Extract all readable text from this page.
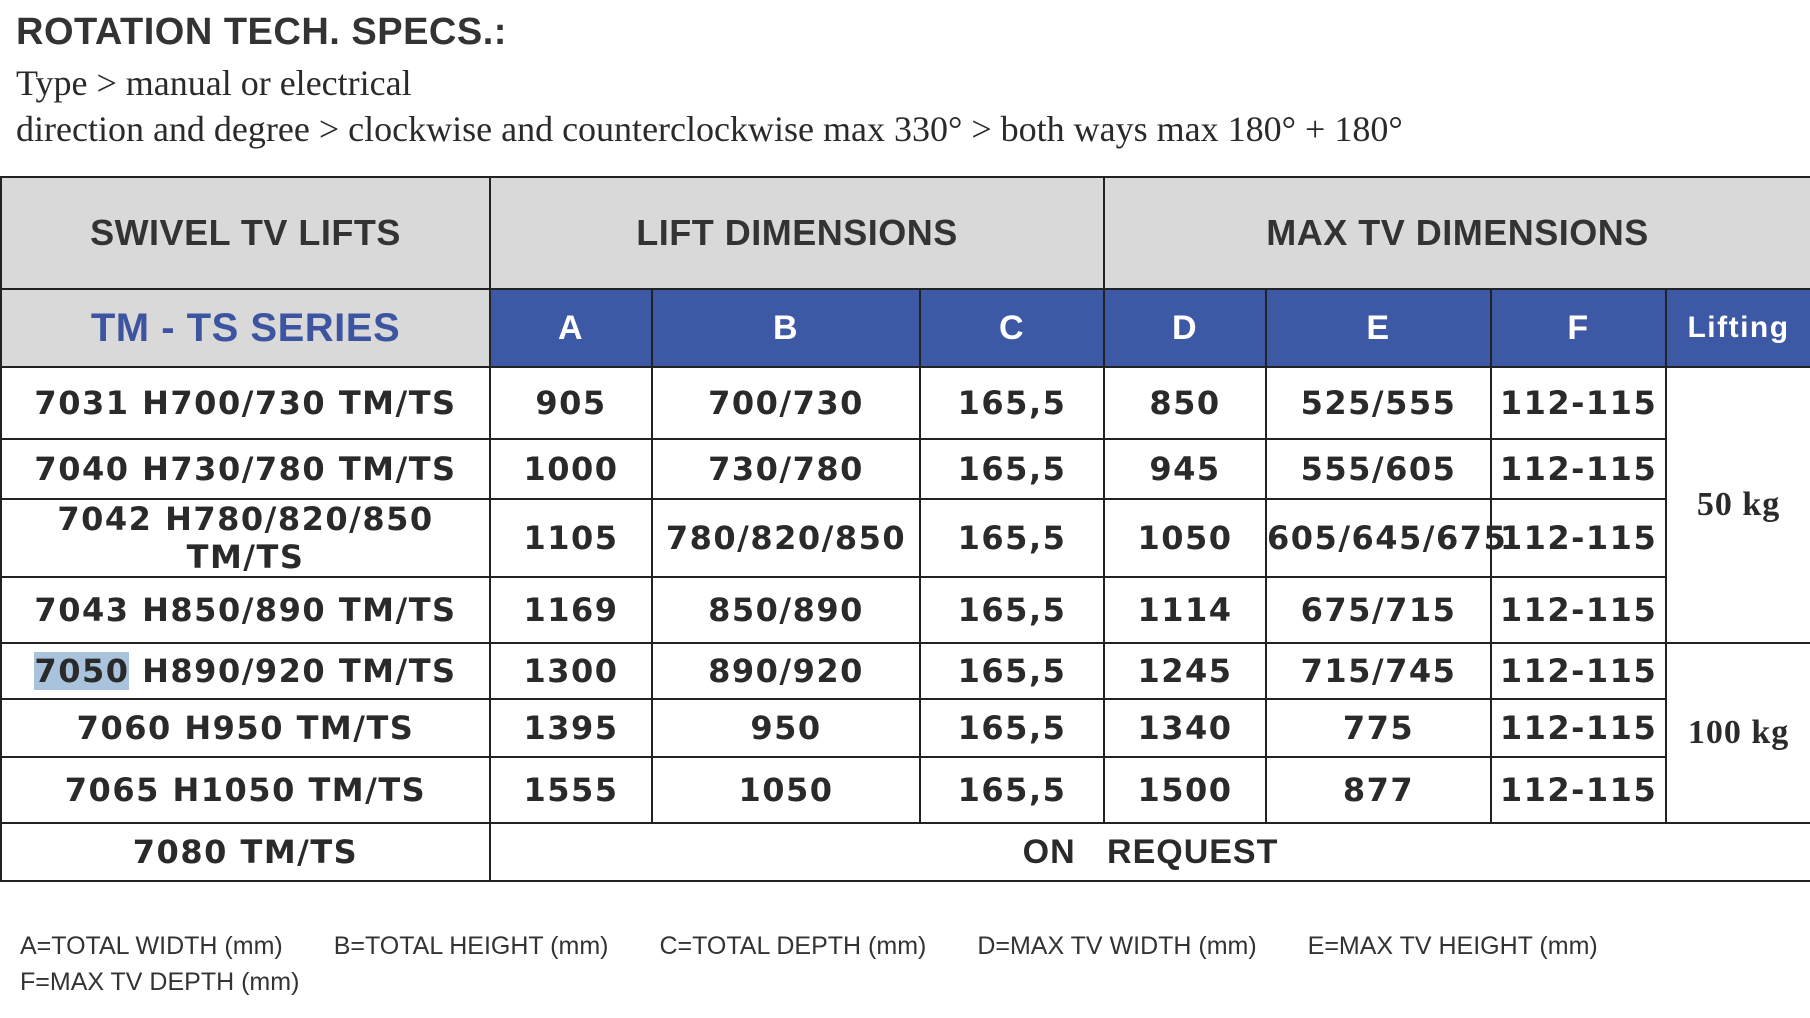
ROTATION TECH. SPECS.:
Type > manual or electrical
direction and degree > clockwise and counterclockwise max 330° > both ways max 180° + 180°
SWIVEL TV LIFTS	LIFT DIMENSIONS			MAX TV DIMENSIONS			
TM - TS SERIES	A	B	C	D	E	F	Lifting
7031 H700/730 TM/TS	905	700/730	165,5	850	525/555	112-115	50 kg
7040 H730/780 TM/TS	1000	730/780	165,5	945	555/605	112-115	
7042 H780/820/850 TM/TS	1105	780/820/850	165,5	1050	605/645/675	112-115	
7043 H850/890 TM/TS	1169	850/890	165,5	1114	675/715	112-115	
7050 H890/920 TM/TS	1300	890/920	165,5	1245	715/745	112-115	100 kg
7060 H950 TM/TS	1395	950	165,5	1340	775	112-115	
7065 H1050 TM/TS	1555	1050	165,5	1500	877	112-115	
7080 TM/TS	ON   REQUEST						
A=TOTAL WIDTH (mm) B=TOTAL HEIGHT (mm) C=TOTAL DEPTH (mm) D=MAX TV WIDTH (mm) E=MAX TV HEIGHT (mm) F=MAX TV DEPTH (mm)
